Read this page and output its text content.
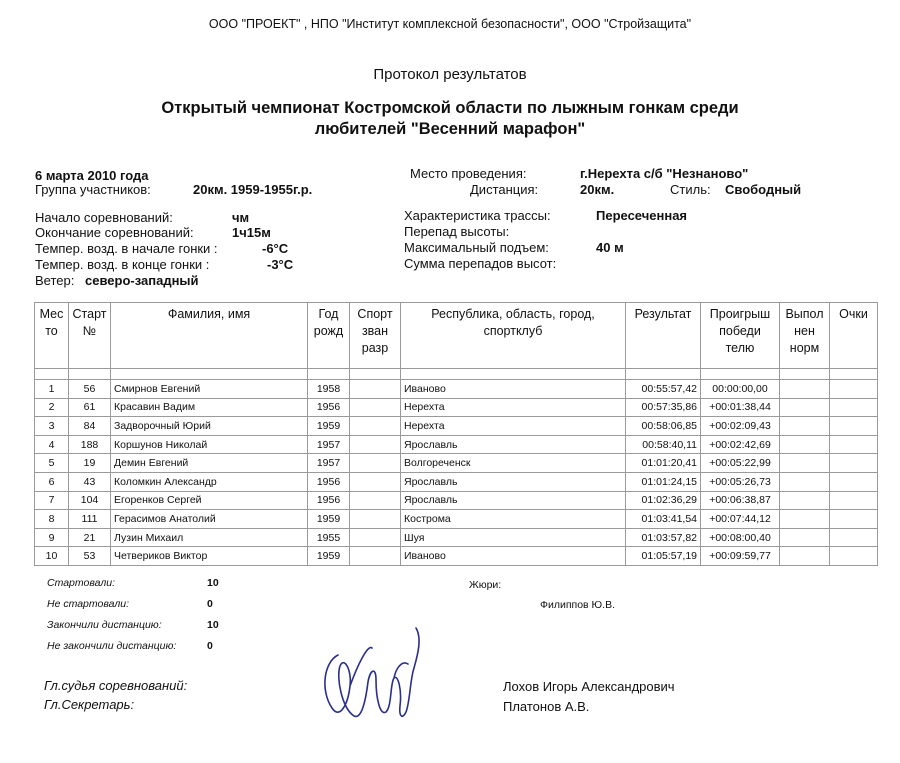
ООО "ПРОЕКТ" , НПО "Институт комплексной безопасности", ООО "Стройзащита"
Протокол результатов
Открытый чемпионат Костромской области по лыжным гонкам среди
любителей "Весенний марафон"
6 марта 2010 года
Группа участников:	20км. 1959-1955г.р.
Начало соревнований:	чм
Окончание соревнований:	1ч15м
Темпер. возд. в начале гонки :	-6°С
Темпер. возд. в конце гонки :	-3°С
Ветер: северо-западный
Место проведения:	г.Нерехта с/б "Незнаново"
Дистанция:	20км.	Стиль: Свободный
Характеристика трассы:	Пересеченная
Перепад высоты:
Максимальный подъем:	40 м
Сумма перепадов высот:
Мес то	Старт №	Фамилия, имя	Год рожд	Спорт зван разр	Республика, область, город, спортклуб	Результат	Проигрыш победи телю	Выпол нен норм	Очки

1	56	Смирнов Евгений	1958		Иваново	00:55:57,42	00:00:00,00		
2	61	Красавин Вадим	1956		Нерехта	00:57:35,86	+00:01:38,44		
3	84	Задворочный Юрий	1959		Нерехта	00:58:06,85	+00:02:09,43		
4	188	Коршунов Николай	1957		Ярославль	00:58:40,11	+00:02:42,69		
5	19	Демин Евгений	1957		Волгореченск	01:01:20,41	+00:05:22,99		
6	43	Коломкин Александр	1956		Ярославль	01:01:24,15	+00:05:26,73		
7	104	Егоренков Сергей	1956		Ярославль	01:02:36,29	+00:06:38,87		
8	111	Герасимов Анатолий	1959		Кострома	01:03:41,54	+00:07:44,12		
9	21	Лузин Михаил	1955		Шуя	01:03:57,82	+00:08:00,40		
10	53	Четвериков Виктор	1959		Иваново	01:05:57,19	+00:09:59,77		
Стартовали:	10
Не стартовали:	0
Закончили дистанцию:	10
Не закончили дистанцию:	0
Жюри:
Филиппов Ю.В.
Гл.судья соревнований:	Лохов Игорь Александрович
Гл.Секретарь:	Платонов А.В.
